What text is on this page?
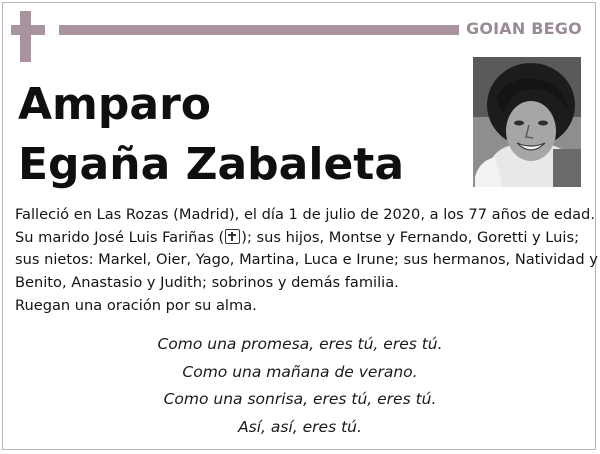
GOIAN BEGO
Amparo
Egaña Zabaleta
Falleció en Las Rozas (Madrid), el día 1 de julio de 2020, a los 77 años de edad.
Su marido José Luis Fariñas ( ); sus hijos, Montse y Fernando, Goretti y Luis;
sus nietos: Markel, Oier, Yago, Martina, Luca e Irune; sus hermanos, Natividad y
Benito, Anastasio y Judith; sobrinos y demás familia.
Ruegan una oración por su alma.
Como una promesa, eres tú, eres tú.
Como una mañana de verano.
Como una sonrisa, eres tú, eres tú.
Así, así, eres tú.
